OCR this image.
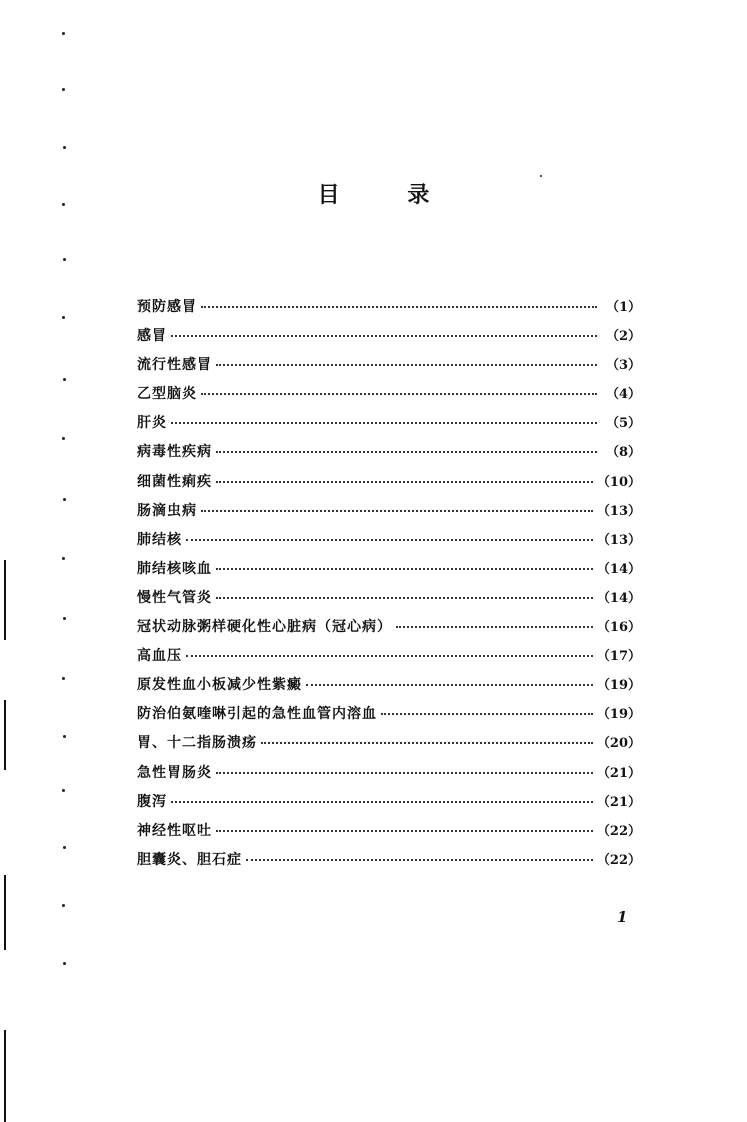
目	录
预防感冒	（1）
感冒	（2）
流行性感冒	（3）
乙型脑炎	（4）
肝炎	（5）
病毒性疾病	（8）
细菌性痢疾	（10）
肠滴虫病	（13）
肺结核	（13）
肺结核咳血	（14）
慢性气管炎	（14）
冠状动脉粥样硬化性心脏病（冠心病）	（16）
高血压	（17）
原发性血小板减少性紫癜	（19）
防治伯氨喹啉引起的急性血管内溶血	（19）
胃、十二指肠溃疡	（20）
急性胃肠炎	（21）
腹泻	（21）
神经性呕吐	（22）
胆囊炎、胆石症	（22）
1
